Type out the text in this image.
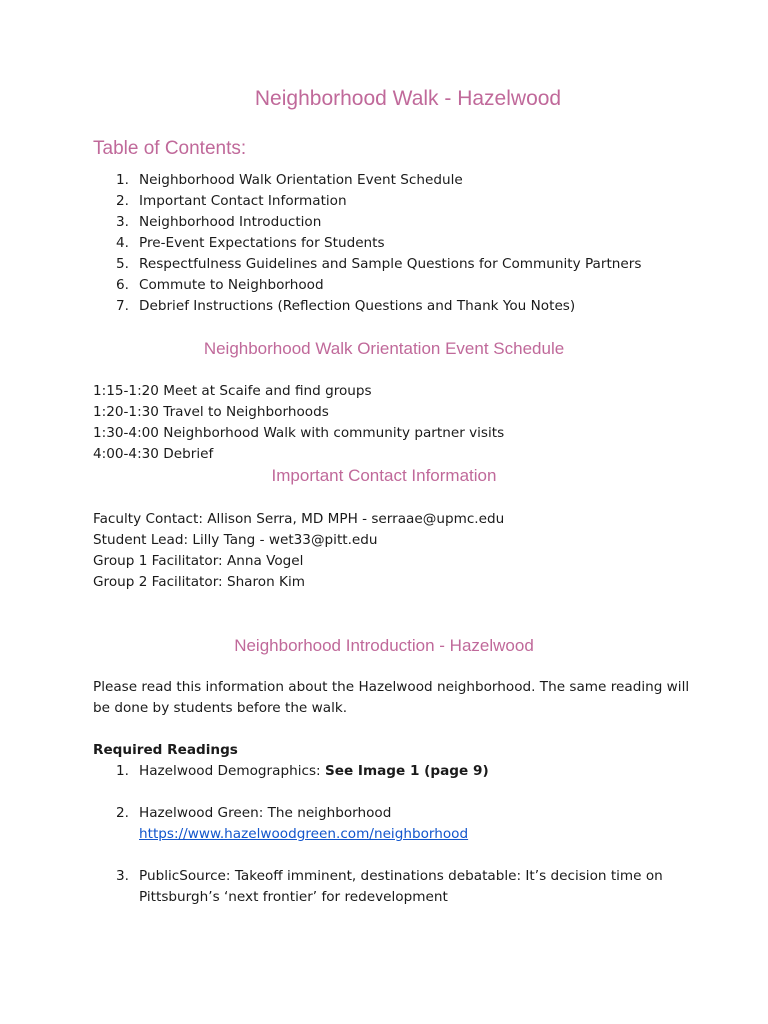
Neighborhood Walk - Hazelwood
Table of Contents:
1. Neighborhood Walk Orientation Event Schedule
2. Important Contact Information
3. Neighborhood Introduction
4. Pre-Event Expectations for Students
5. Respectfulness Guidelines and Sample Questions for Community Partners
6. Commute to Neighborhood
7. Debrief Instructions (Reflection Questions and Thank You Notes)
Neighborhood Walk Orientation Event Schedule
1:15-1:20 Meet at Scaife and find groups
1:20-1:30 Travel to Neighborhoods
1:30-4:00 Neighborhood Walk with community partner visits
4:00-4:30 Debrief
Important Contact Information
Faculty Contact: Allison Serra, MD MPH - serraae@upmc.edu
Student Lead: Lilly Tang - wet33@pitt.edu
Group 1 Facilitator: Anna Vogel
Group 2 Facilitator: Sharon Kim
Neighborhood Introduction - Hazelwood
Please read this information about the Hazelwood neighborhood. The same reading will
be done by students before the walk.
Required Readings
1. Hazelwood Demographics: See Image 1 (page 9)
2. Hazelwood Green: The neighborhood
https://www.hazelwoodgreen.com/neighborhood
3. PublicSource: Takeoff imminent, destinations debatable: It’s decision time on
Pittsburgh’s ‘next frontier’ for redevelopment
